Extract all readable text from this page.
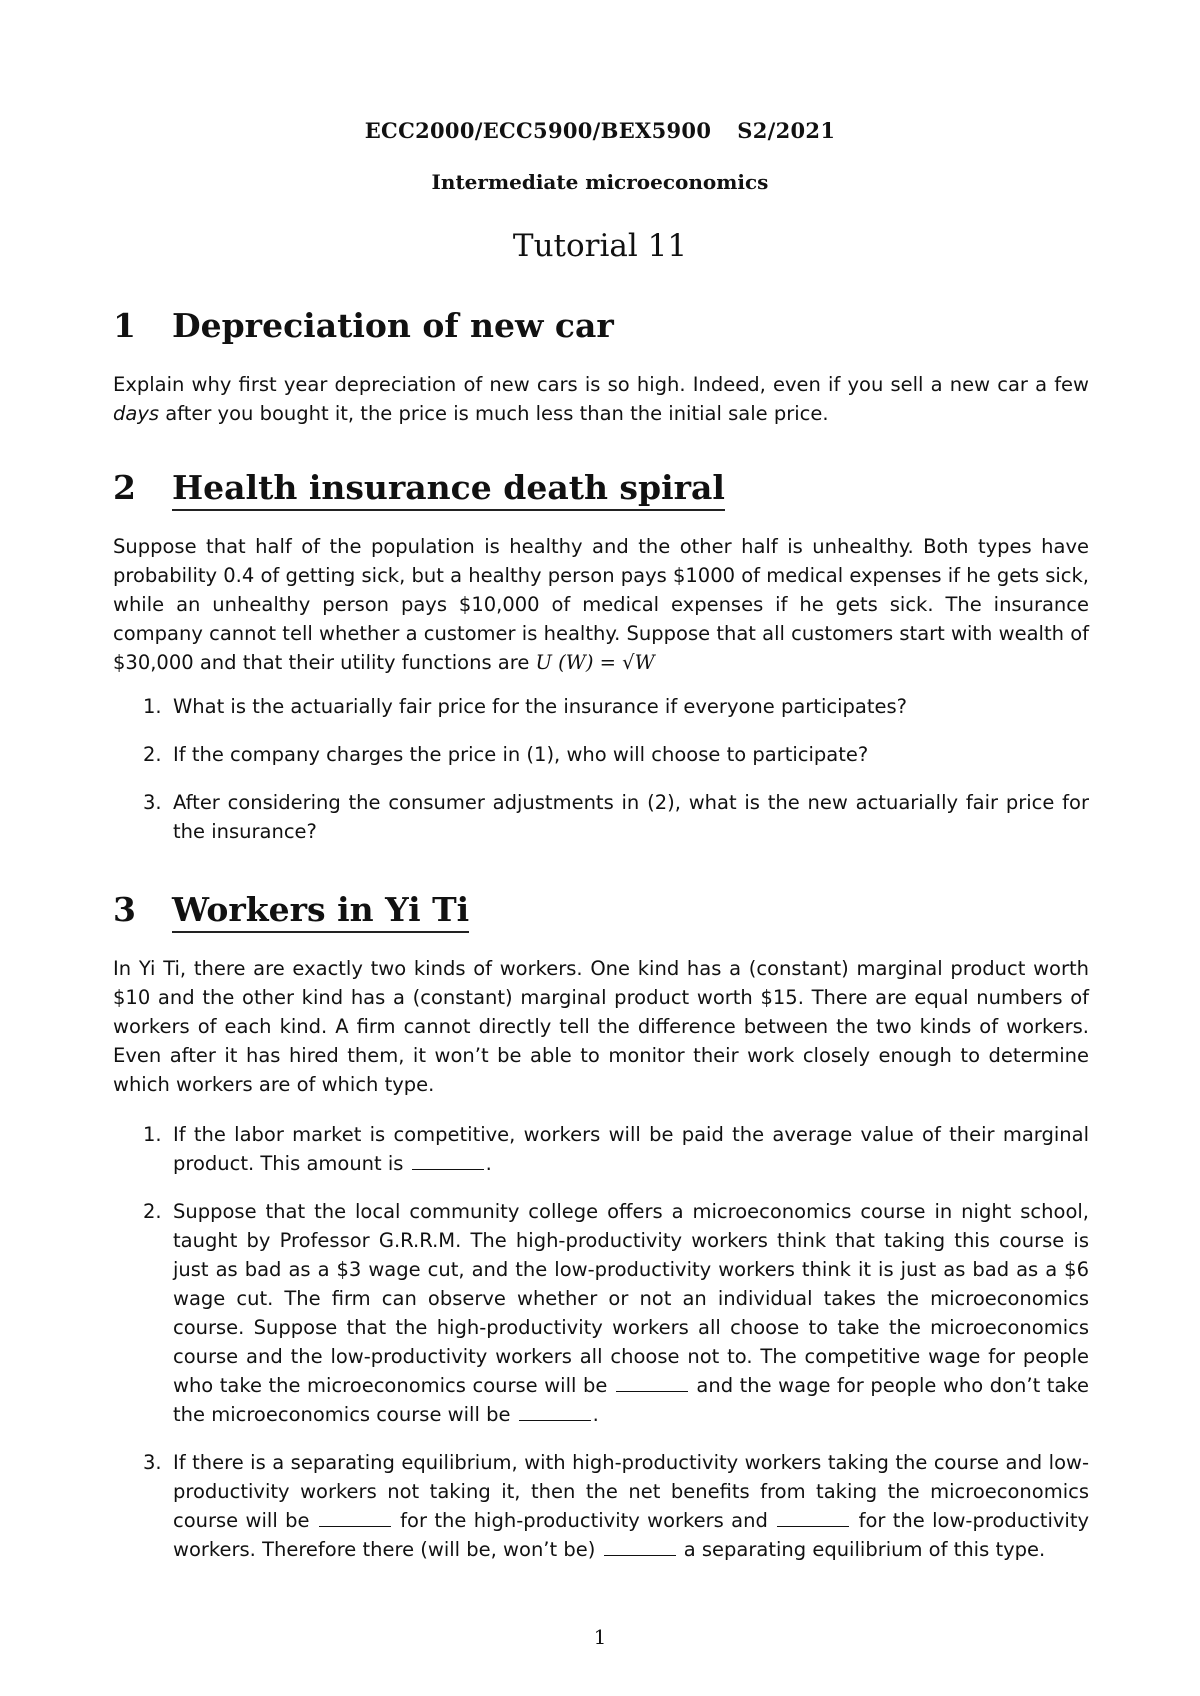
ECC2000/ECC5900/BEX5900 S2/2021
Intermediate microeconomics
Tutorial 11
1	Depreciation of new car
Explain why first year depreciation of new cars is so high. Indeed, even if you sell a new car a few days after you bought it, the price is much less than the initial sale price.
2	Health insurance death spiral
Suppose that half of the population is healthy and the other half is unhealthy. Both types have probability 0.4 of getting sick, but a healthy person pays $1000 of medical expenses if he gets sick, while an unhealthy person pays $10,000 of medical expenses if he gets sick. The insurance company cannot tell whether a customer is healthy. Suppose that all customers start with wealth of $30,000 and that their utility functions are U (W) = √W
1. What is the actuarially fair price for the insurance if everyone participates?
2. If the company charges the price in (1), who will choose to participate?
3. After considering the consumer adjustments in (2), what is the new actuarially fair price for the insurance?
3	Workers in Yi Ti
In Yi Ti, there are exactly two kinds of workers. One kind has a (constant) marginal product worth $10 and the other kind has a (constant) marginal product worth $15. There are equal numbers of workers of each kind. A firm cannot directly tell the difference between the two kinds of workers. Even after it has hired them, it won’t be able to monitor their work closely enough to determine which workers are of which type.
1. If the labor market is competitive, workers will be paid the average value of their marginal product. This amount is	.
2. Suppose that the local community college offers a microeconomics course in night school, taught by Professor G.R.R.M. The high-productivity workers think that taking this course is just as bad as a $3 wage cut, and the low-productivity workers think it is just as bad as a $6 wage cut. The firm can observe whether or not an individual takes the microeconomics course. Suppose that the high-productivity workers all choose to take the microeconomics course and the low-productivity workers all choose not to. The competitive wage for people who take the microeconomics course will be	and the wage for people who don’t take the microeconomics course will be	.
3. If there is a separating equilibrium, with high-productivity workers taking the course and low-productivity workers not taking it, then the net benefits from taking the microeconomics course will be	for the high-productivity workers and	for the low-productivity workers. Therefore there (will be, won’t be)	a separating equilibrium of this type.
1
